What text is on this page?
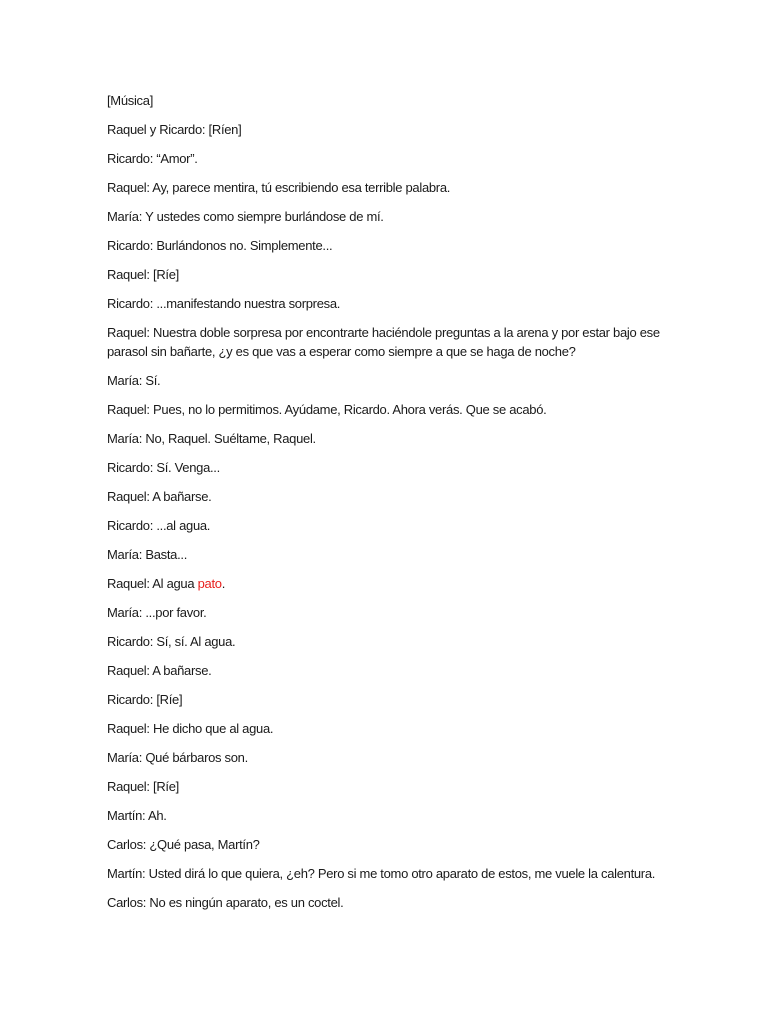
[Música]

Raquel y Ricardo: [Ríen]

Ricardo: “Amor”.

Raquel: Ay, parece mentira, tú escribiendo esa terrible palabra.

María: Y ustedes como siempre burlándose de mí.

Ricardo: Burlándonos no. Simplemente...

Raquel: [Ríe]

Ricardo: ...manifestando nuestra sorpresa.

Raquel: Nuestra doble sorpresa por encontrarte haciéndole preguntas a la arena y por estar bajo ese parasol sin bañarte, ¿y es que vas a esperar como siempre a que se haga de noche?

María: Sí.

Raquel: Pues, no lo permitimos. Ayúdame, Ricardo. Ahora verás. Que se acabó.

María: No, Raquel. Suéltame, Raquel.

Ricardo: Sí. Venga...

Raquel: A bañarse.

Ricardo: ...al agua.

María: Basta...

Raquel: Al agua pato.

María: ...por favor.

Ricardo: Sí, sí. Al agua.

Raquel: A bañarse.

Ricardo: [Ríe]

Raquel: He dicho que al agua.

María: Qué bárbaros son.

Raquel: [Ríe]

Martín: Ah.

Carlos: ¿Qué pasa, Martín?

Martín: Usted dirá lo que quiera, ¿eh? Pero si me tomo otro aparato de estos, me vuele la calentura.

Carlos: No es ningún aparato, es un coctel.
